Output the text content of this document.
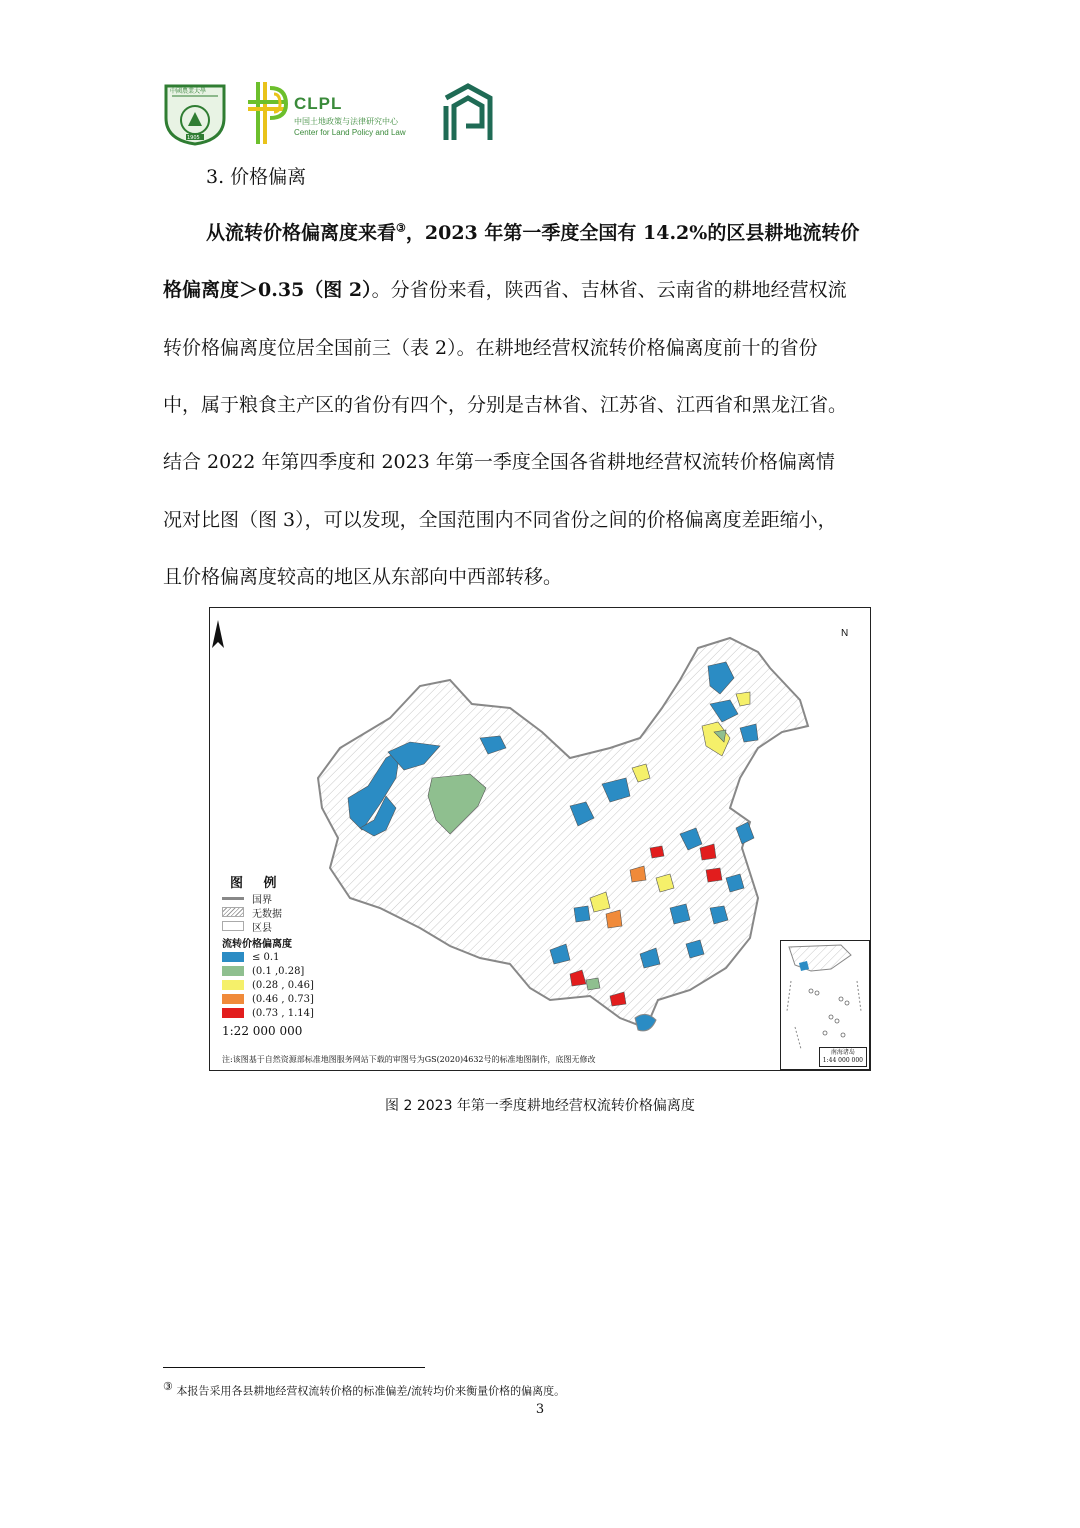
中國農業大學
1905
CLPL
中国土地政策与法律研究中心
Center for Land Policy and Law
3. 价格偏离
从流转价格偏离度来看③，2023 年第一季度全国有 14.2%的区县耕地流转价
格偏离度＞0.35（图 2）。分省份来看，陕西省、吉林省、云南省的耕地经营权流
转价格偏离度位居全国前三（表 2）。在耕地经营权流转价格偏离度前十的省份
中，属于粮食主产区的省份有四个，分别是吉林省、江苏省、江西省和黑龙江省。
结合 2022 年第四季度和 2023 年第一季度全国各省耕地经营权流转价格偏离情
况对比图（图 3），可以发现，全国范围内不同省份之间的价格偏离度差距缩小，
且价格偏离度较高的地区从东部向中西部转移。
N
图 例
国界
无数据
区县
流转价格偏离度
≤ 0.1
(0.1 ,0.28]
(0.28 , 0.46]
(0.46 , 0.73]
(0.73 , 1.14]
1:22 000 000
注:该图基于自然资源部标准地图服务网站下载的审图号为GS(2020)4632号的标准地图制作，底图无修改
南海诸岛
1:44 000 000
图 2 2023 年第一季度耕地经营权流转价格偏离度
③ 本报告采用各县耕地经营权流转价格的标准偏差/流转均价来衡量价格的偏离度。
3
